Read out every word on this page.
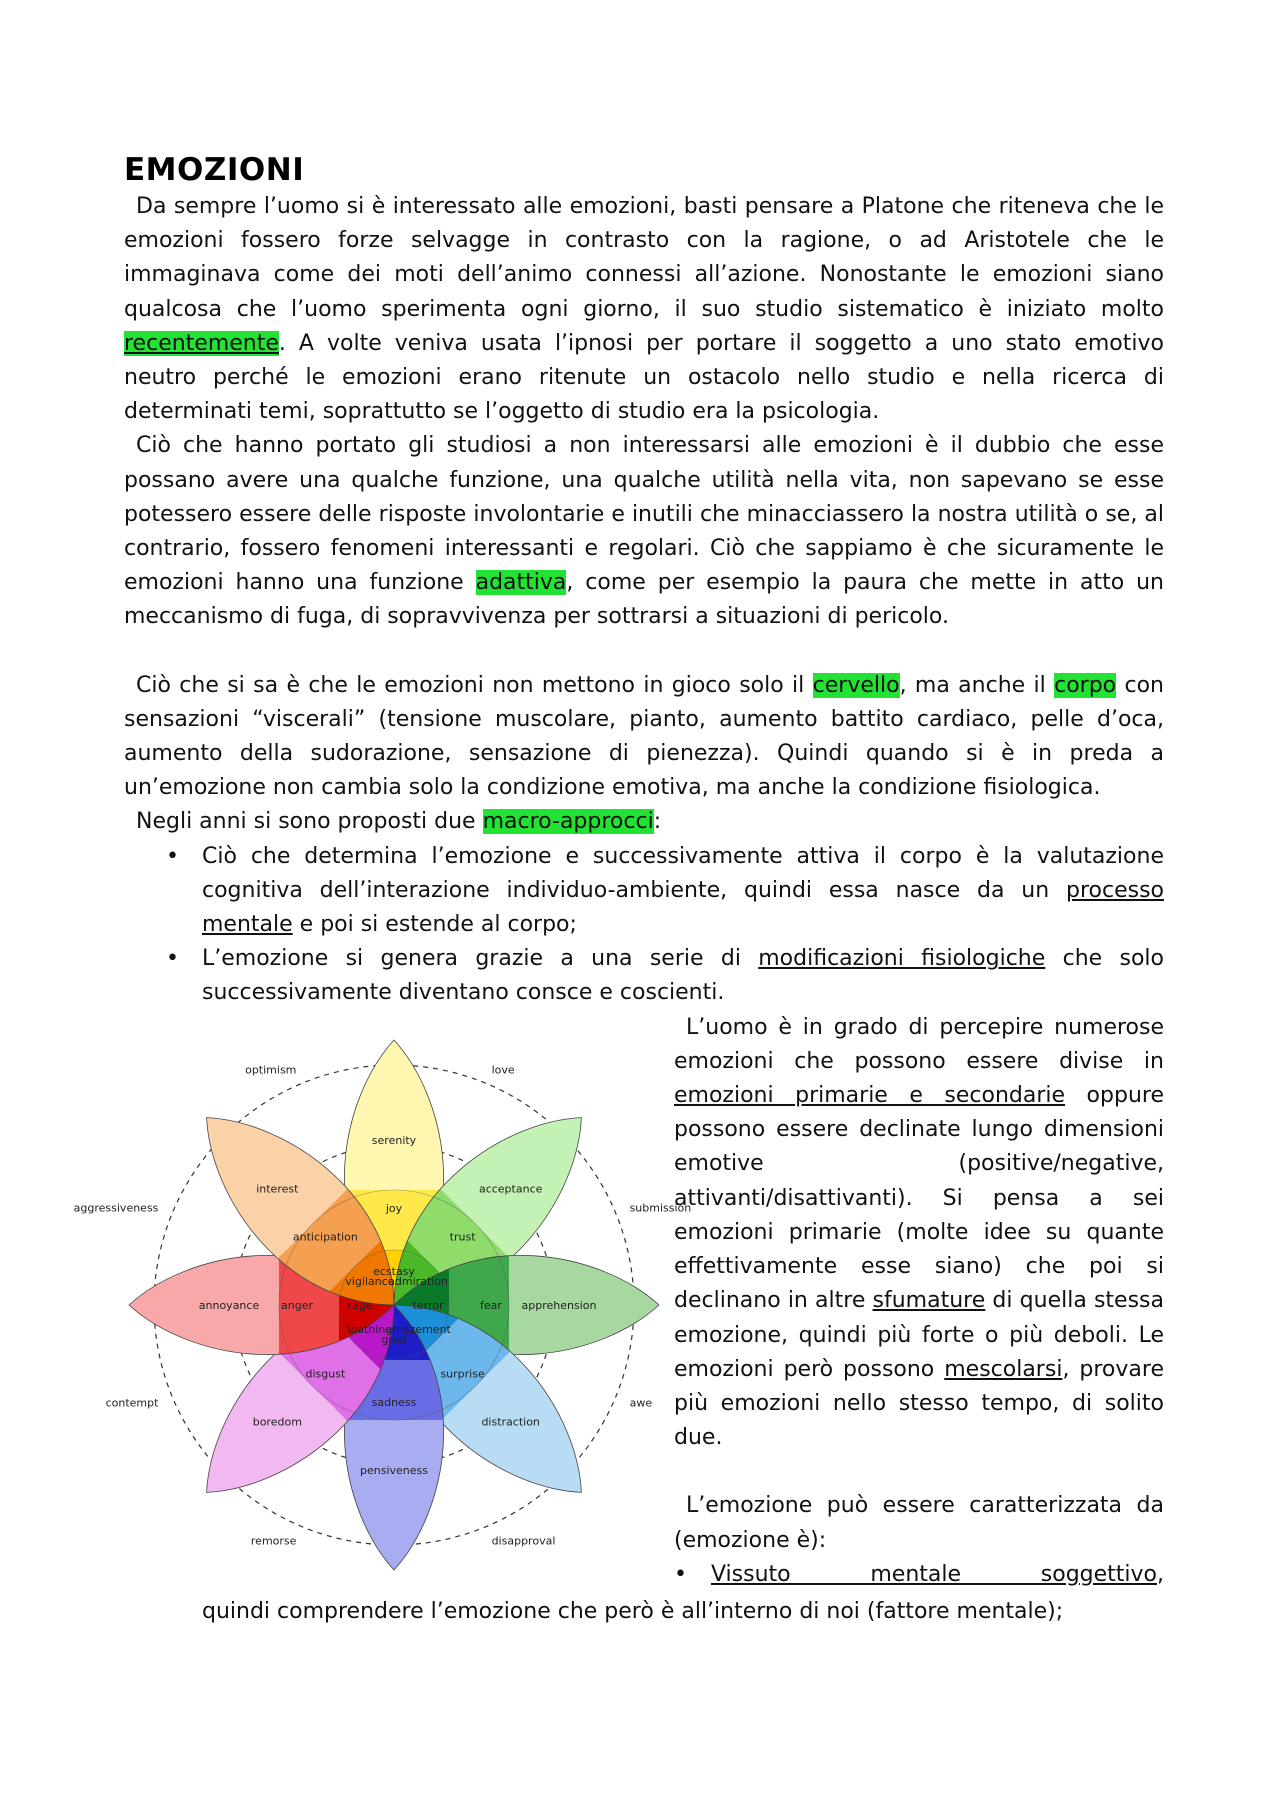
EMOZIONI

Da sempre l’uomo si è interessato alle emozioni, basti pensare a Platone che riteneva che le emozioni fossero forze selvagge in contrasto con la ragione, o ad Aristotele che le immaginava come dei moti dell’animo connessi all’azione. Nonostante le emozioni siano qualcosa che l’uomo sperimenta ogni giorno, il suo studio sistematico è iniziato molto recentemente. A volte veniva usata l’ipnosi per portare il soggetto a uno stato emotivo neutro perché le emozioni erano ritenute un ostacolo nello studio e nella ricerca di determinati temi, soprattutto se l’oggetto di studio era la psicologia.

Ciò che hanno portato gli studiosi a non interessarsi alle emozioni è il dubbio che esse possano avere una qualche funzione, una qualche utilità nella vita, non sapevano se esse potessero essere delle risposte involontarie e inutili che minacciassero la nostra utilità o se, al contrario, fossero fenomeni interessanti e regolari. Ciò che sappiamo è che sicuramente le emozioni hanno una funzione adattiva, come per esempio la paura che mette in atto un meccanismo di fuga, di sopravvivenza per sottrarsi a situazioni di pericolo.

Ciò che si sa è che le emozioni non mettono in gioco solo il cervello, ma anche il corpo con sensazioni “viscerali” (tensione muscolare, pianto, aumento battito cardiaco, pelle d’oca, aumento della sudorazione, sensazione di pienezza). Quindi quando si è in preda a un’emozione non cambia solo la condizione emotiva, ma anche la condizione fisiologica.

Negli anni si sono proposti due macro-approcci:

• Ciò che determina l’emozione e successivamente attiva il corpo è la valutazione cognitiva dell’interazione individuo-ambiente, quindi essa nasce da un processo mentale e poi si estende al corpo;
• L’emozione si genera grazie a una serie di modificazioni fisiologiche che solo successivamente diventano consce e coscienti.
serenity
joy
ecstasy
acceptance
trust
admiration
apprehension
fear
terror
distraction
surprise
amazement
pensiveness
sadness
grief
boredom
disgust
loathing
annoyance anger	rage
interest
anticipation
vigilance
love
submission
awe
disapproval
remorse
contempt
aggressiveness
optimism

L’uomo è in grado di percepire numerose emozioni che possono essere divise in emozioni primarie e secondarie oppure possono essere declinate lungo dimensioni emotive (positive/negative, attivanti/disattivanti). Si pensa a sei emozioni primarie (molte idee su quante effettivamente esse siano) che poi si declinano in altre sfumature di quella stessa emozione, quindi più forte o più deboli. Le emozioni però possono mescolarsi, provare più emozioni nello stesso tempo, di solito due.

L’emozione può essere caratterizzata da (emozione è):

• Vissuto mentale soggettivo,

quindi comprendere l’emozione che però è all’interno di noi (fattore mentale);
